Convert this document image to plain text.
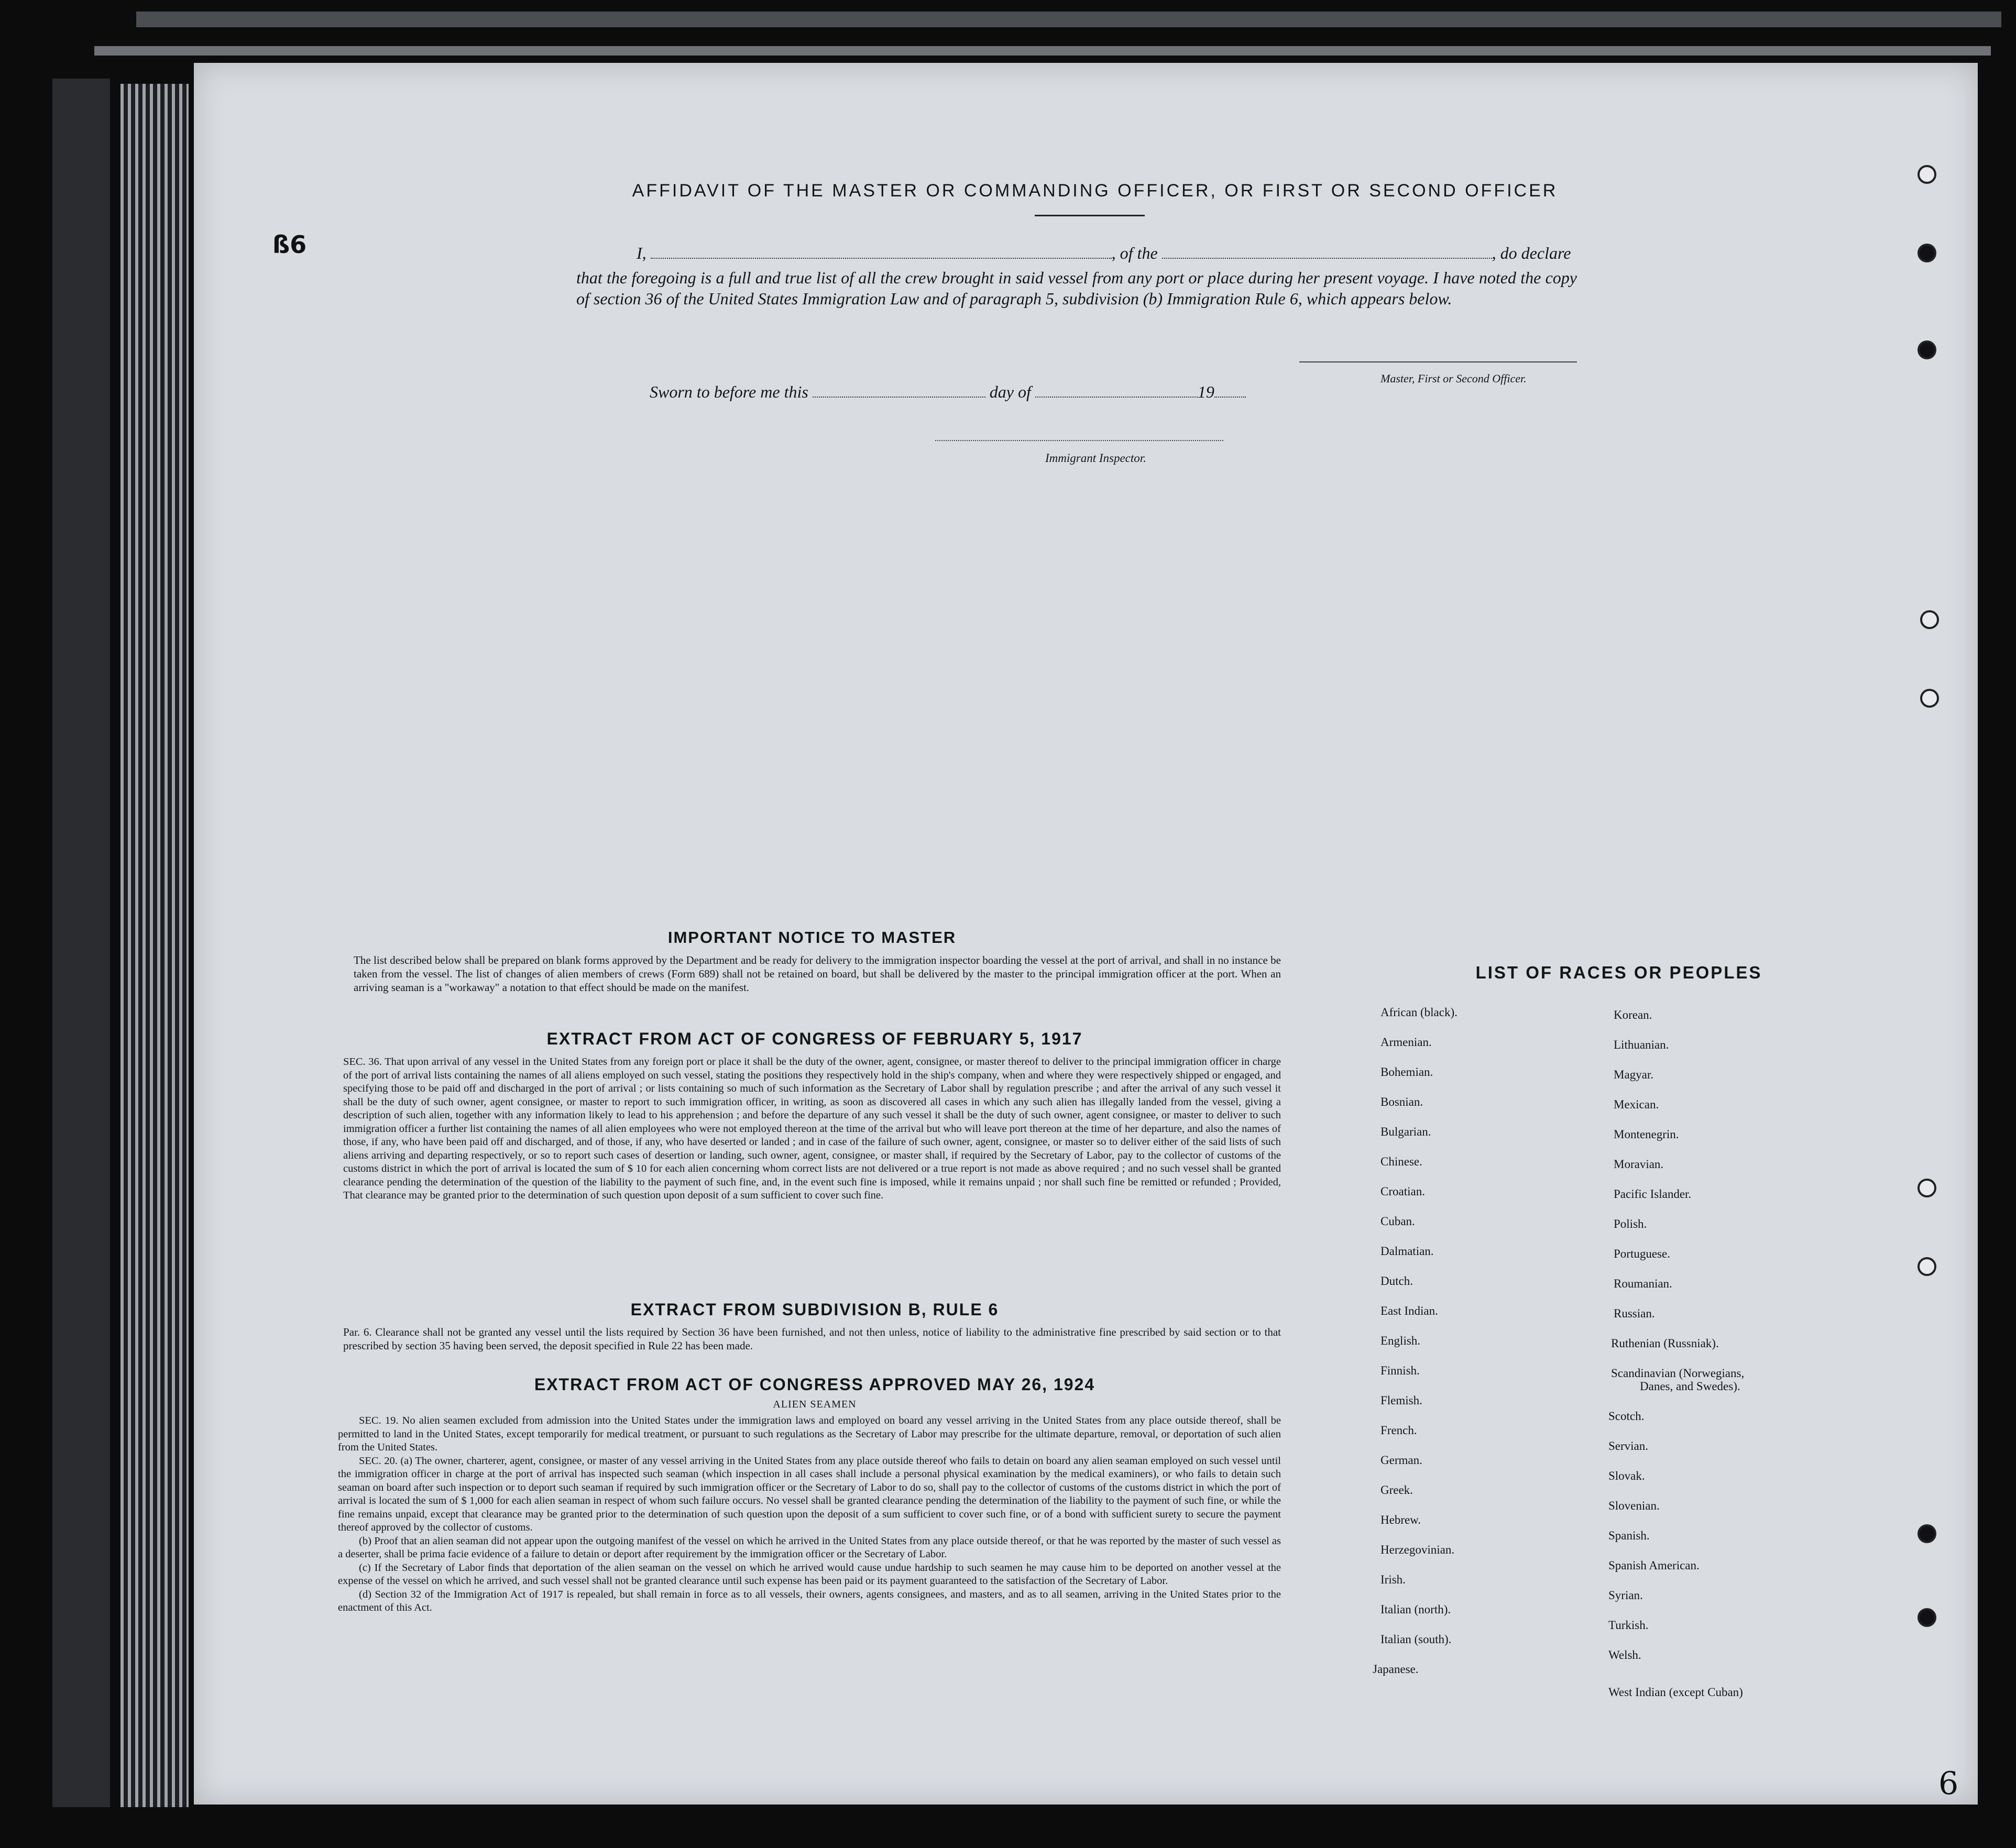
AFFIDAVIT OF THE MASTER OR COMMANDING OFFICER, OR FIRST OR SECOND OFFICER
I,	, of the	, do declare
that the foregoing is a full and true list of all the crew brought in said vessel from any port or place during her present voyage. I have noted the copy of section 36 of the United States Immigration Law and of paragraph 5, subdivision (b) Immigration Rule 6, which appears below.
Master, First or Second Officer.
Sworn to before me this	day of	19
Immigrant Inspector.
IMPORTANT NOTICE TO MASTER
The list described below shall be prepared on blank forms approved by the Department and be ready for delivery to the immigration inspector boarding the vessel at the port of arrival, and shall in no instance be taken from the vessel. The list of changes of alien members of crews (Form 689) shall not be retained on board, but shall be delivered by the master to the principal immigration officer at the port. When an arriving seaman is a "workaway" a notation to that effect should be made on the manifest.
EXTRACT FROM ACT OF CONGRESS OF FEBRUARY 5, 1917
SEC. 36. That upon arrival of any vessel in the United States from any foreign port or place it shall be the duty of the owner, agent, consignee, or master thereof to deliver to the principal immigration officer in charge of the port of arrival lists containing the names of all aliens employed on such vessel, stating the positions they respectively hold in the ship's company, when and where they were respectively shipped or engaged, and specifying those to be paid off and discharged in the port of arrival ; or lists containing so much of such information as the Secretary of Labor shall by regulation prescribe ; and after the arrival of any such vessel it shall be the duty of such owner, agent consignee, or master to report to such immigration officer, in writing, as soon as discovered all cases in which any such alien has illegally landed from the vessel, giving a description of such alien, together with any information likely to lead to his apprehension ; and before the departure of any such vessel it shall be the duty of such owner, agent consignee, or master to deliver to such immigration officer a further list containing the names of all alien employees who were not employed thereon at the time of the arrival but who will leave port thereon at the time of her departure, and also the names of those, if any, who have been paid off and discharged, and of those, if any, who have deserted or landed ; and in case of the failure of such owner, agent, consignee, or master so to deliver either of the said lists of such aliens arriving and departing respectively, or so to report such cases of desertion or landing, such owner, agent, consignee, or master shall, if required by the Secretary of Labor, pay to the collector of customs of the customs district in which the port of arrival is located the sum of $ 10 for each alien concerning whom correct lists are not delivered or a true report is not made as above required ; and no such vessel shall be granted clearance pending the determination of the question of the liability to the payment of such fine, and, in the event such fine is imposed, while it remains unpaid ; nor shall such fine be remitted or refunded ; Provided, That clearance may be granted prior to the determination of such question upon deposit of a sum sufficient to cover such fine.
EXTRACT FROM SUBDIVISION B, RULE 6
Par. 6. Clearance shall not be granted any vessel until the lists required by Section 36 have been furnished, and not then unless, notice of liability to the administrative fine prescribed by said section or to that prescribed by section 35 having been served, the deposit specified in Rule 22 has been made.
EXTRACT FROM ACT OF CONGRESS APPROVED MAY 26, 1924
ALIEN SEAMEN
SEC. 19. No alien seamen excluded from admission into the United States under the immigration laws and employed on board any vessel arriving in the United States from any place outside thereof, shall be permitted to land in the United States, except temporarily for medical treatment, or pursuant to such regulations as the Secretary of Labor may prescribe for the ultimate departure, removal, or deportation of such alien from the United States.
SEC. 20. (a) The owner, charterer, agent, consignee, or master of any vessel arriving in the United States from any place outside thereof who fails to detain on board any alien seaman employed on such vessel until the immigration officer in charge at the port of arrival has inspected such seaman (which inspection in all cases shall include a personal physical examination by the medical examiners), or who fails to detain such seaman on board after such inspection or to deport such seaman if required by such immigration officer or the Secretary of Labor to do so, shall pay to the collector of customs of the customs district in which the port of arrival is located the sum of $ 1,000 for each alien seaman in respect of whom such failure occurs. No vessel shall be granted clearance pending the determination of the liability to the payment of such fine, or while the fine remains unpaid, except that clearance may be granted prior to the determination of such question upon the deposit of a sum sufficient to cover such fine, or of a bond with sufficient surety to secure the payment thereof approved by the collector of customs.
(b) Proof that an alien seaman did not appear upon the outgoing manifest of the vessel on which he arrived in the United States from any place outside thereof, or that he was reported by the master of such vessel as a deserter, shall be prima facie evidence of a failure to detain or deport after requirement by the immigration officer or the Secretary of Labor.
(c) If the Secretary of Labor finds that deportation of the alien seaman on the vessel on which he arrived would cause undue hardship to such seamen he may cause him to be deported on another vessel at the expense of the vessel on which he arrived, and such vessel shall not be granted clearance until such expense has been paid or its payment guaranteed to the satisfaction of the Secretary of Labor.
(d) Section 32 of the Immigration Act of 1917 is repealed, but shall remain in force as to all vessels, their owners, agents consignees, and masters, and as to all seamen, arriving in the United States prior to the enactment of this Act.
LIST OF RACES OR PEOPLES
African (black).
Armenian.
Bohemian.
Bosnian.
Bulgarian.
Chinese.
Croatian.
Cuban.
Dalmatian.
Dutch.
East Indian.
English.
Finnish.
Flemish.
French.
German.
Greek.
Hebrew.
Herzegovinian.
Irish.
Italian (north).
Italian (south).
Japanese.
Korean.
Lithuanian.
Magyar.
Mexican.
Montenegrin.
Moravian.
Pacific Islander.
Polish.
Portuguese.
Roumanian.
Russian.
Ruthenian (Russniak).
Scandinavian (Norwegians,
Danes, and Swedes).
Scotch.
Servian.
Slovak.
Slovenian.
Spanish.
Spanish American.
Syrian.
Turkish.
Welsh.
West Indian (except Cuban)
ß6
6
